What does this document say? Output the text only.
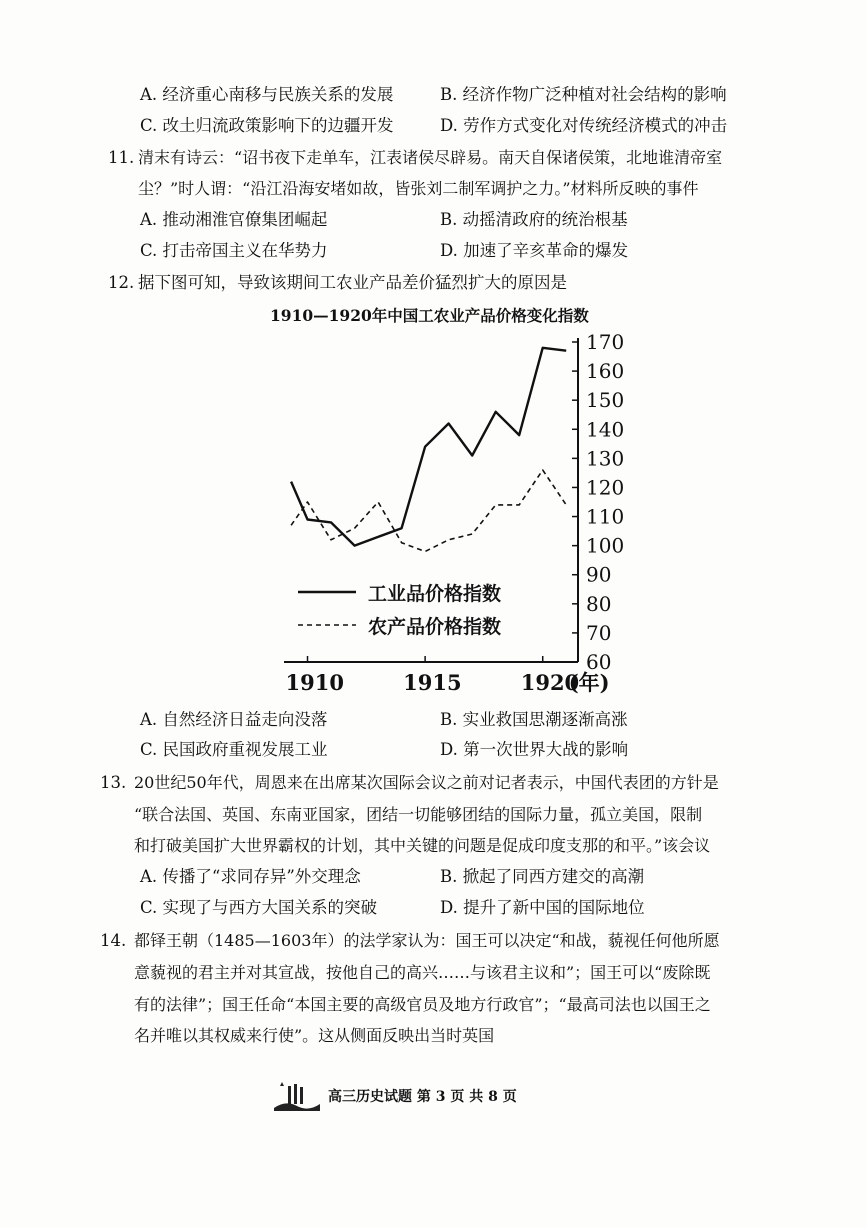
A. 经济重心南移与民族关系的发展	B. 经济作物广泛种植对社会结构的影响
C. 改土归流政策影响下的边疆开发	D. 劳作方式变化对传统经济模式的冲击
11. 清末有诗云：“诏书夜下走单车，江表诸侯尽辟易。南天自保诸侯策，北地谁清帝室
尘？”时人谓：“沿江沿海安堵如故，皆张刘二制军调护之力。”材料所反映的事件
A. 推动湘淮官僚集团崛起	B. 动摇清政府的统治根基
C. 打击帝国主义在华势力	D. 加速了辛亥革命的爆发
12. 据下图可知，导致该期间工农业产品差价猛烈扩大的原因是
1910—1920年中国工农业产品价格变化指数
170
160
150
140
130
120
110
100
90
80
70
60
1910	1915	1920
(年)
工业品价格指数
农产品价格指数
A. 自然经济日益走向没落	B. 实业救国思潮逐渐高涨
C. 民国政府重视发展工业	D. 第一次世界大战的影响
13. 20世纪50年代，周恩来在出席某次国际会议之前对记者表示，中国代表团的方针是
“联合法国、英国、东南亚国家，团结一切能够团结的国际力量，孤立美国，限制
和打破美国扩大世界霸权的计划，其中关键的问题是促成印度支那的和平。”该会议
A. 传播了“求同存异”外交理念	B. 掀起了同西方建交的高潮
C. 实现了与西方大国关系的突破	D. 提升了新中国的国际地位
14. 都铎王朝（1485—1603年）的法学家认为：国王可以决定“和战，藐视任何他所愿
意藐视的君主并对其宣战，按他自己的高兴……与该君主议和”；国王可以“废除既
有的法律”；国王任命“本国主要的高级官员及地方行政官”；“最高司法也以国王之
名并唯以其权威来行使”。这从侧面反映出当时英国
高三历史试题 第 3 页 共 8 页
